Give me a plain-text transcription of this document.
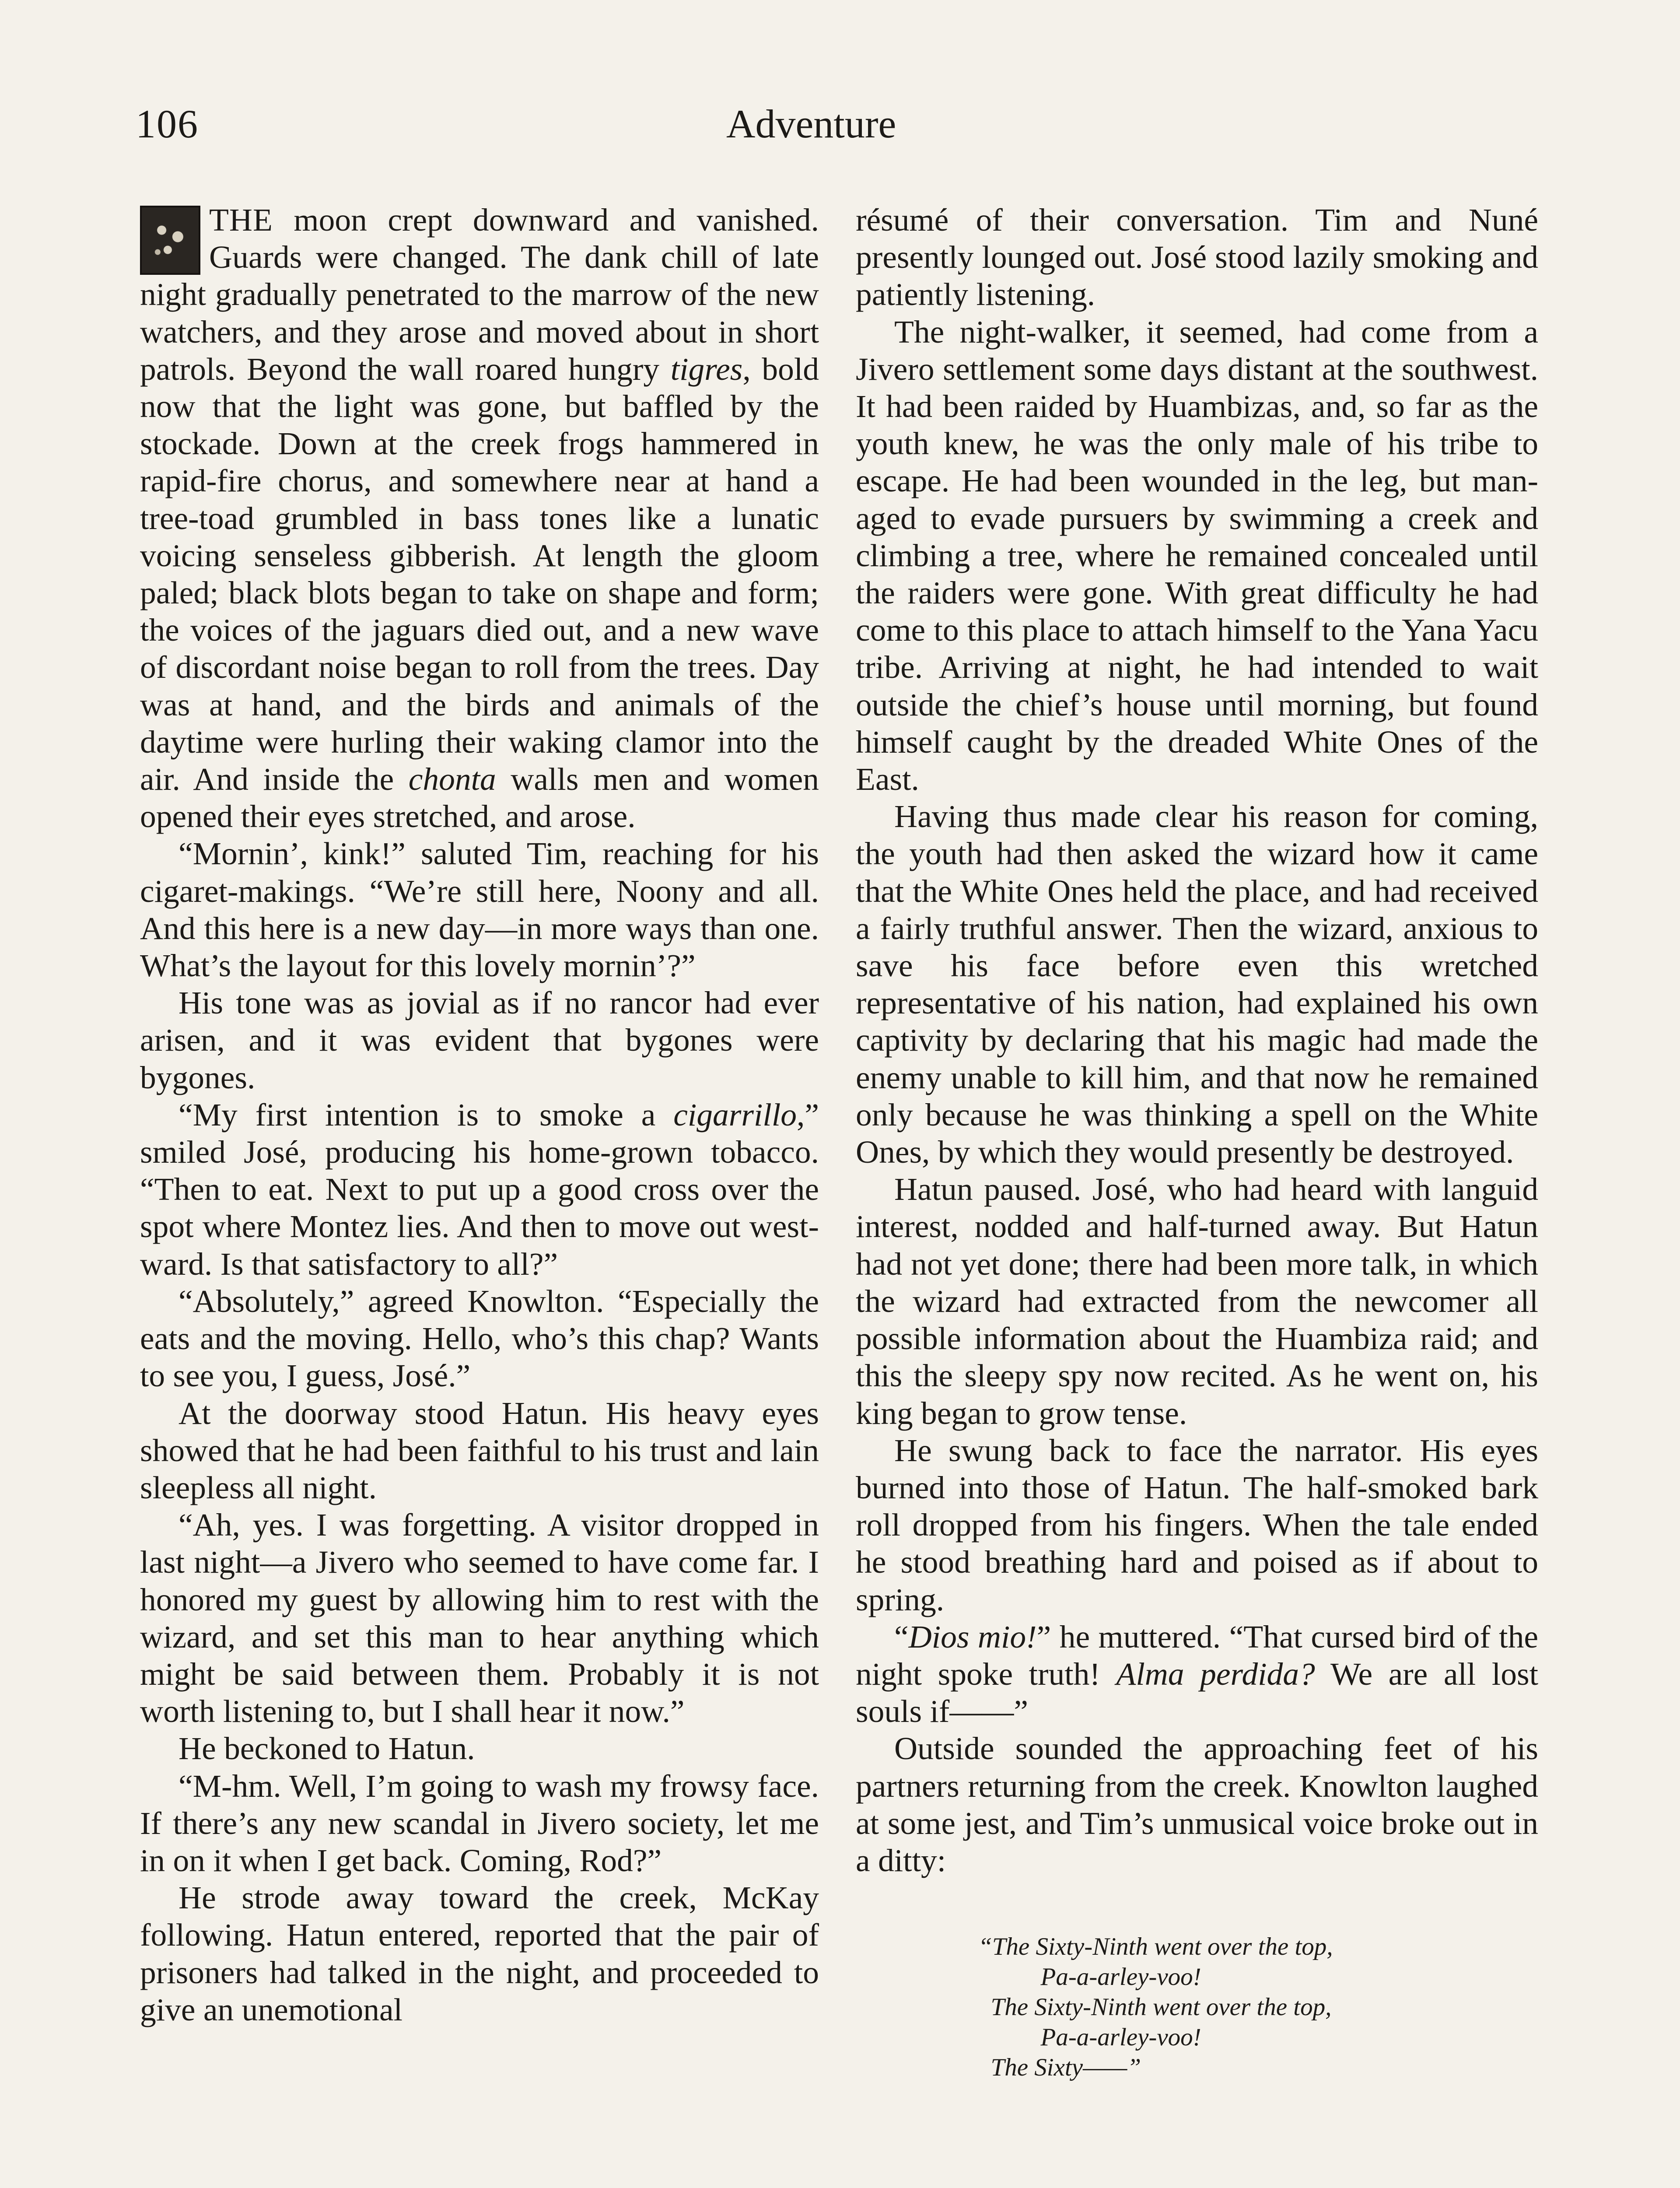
106	Adventure

THE moon crept downward and vanished. Guards were changed. The dank chill of late night gradually penetrated to the marrow of the new watchers, and they arose and moved about in short patrols. Beyond the wall roared hungry tigres, bold now that the light was gone, but baffled by the stockade. Down at the creek frogs hammered in rapid-fire chorus, and somewhere near at hand a tree-toad grumbled in bass tones like a lunatic voicing senseless gibberish. At length the gloom paled; black blots began to take on shape and form; the voices of the jaguars died out, and a new wave of discordant noise began to roll from the trees. Day was at hand, and the birds and animals of the daytime were hurling their waking clamor into the air. And inside the chonta walls men and women opened their eyes stretched, and arose.

“Mornin’, kink!” saluted Tim, reaching for his cigaret-makings. “We’re still here, Noony and all. And this here is a new day—in more ways than one. What’s the layout for this lovely mornin’?”

His tone was as jovial as if no rancor had ever arisen, and it was evident that bygones were bygones.

“My first intention is to smoke a cigarrillo,” smiled José, producing his home-grown tobacco. “Then to eat. Next to put up a good cross over the spot where Montez lies. And then to move out westward. Is that satisfactory to all?”

“Absolutely,” agreed Knowlton. “Especially the eats and the moving. Hello, who’s this chap? Wants to see you, I guess, José.”

At the doorway stood Hatun. His heavy eyes showed that he had been faithful to his trust and lain sleepless all night.

“Ah, yes. I was forgetting. A visitor dropped in last night—a Jivero who seemed to have come far. I honored my guest by allowing him to rest with the wizard, and set this man to hear anything which might be said between them. Probably it is not worth listening to, but I shall hear it now.”

He beckoned to Hatun.

“M-hm. Well, I’m going to wash my frowsy face. If there’s any new scandal in Jivero society, let me in on it when I get back. Coming, Rod?”

He strode away toward the creek, McKay following. Hatun entered, reported that the pair of prisoners had talked in the night, and proceeded to give an unemotional

résumé of their conversation. Tim and Nuné presently lounged out. José stood lazily smoking and patiently listening.

The night-walker, it seemed, had come from a Jivero settlement some days distant at the southwest. It had been raided by Huambizas, and, so far as the youth knew, he was the only male of his tribe to escape. He had been wounded in the leg, but managed to evade pursuers by swimming a creek and climbing a tree, where he remained concealed until the raiders were gone. With great difficulty he had come to this place to attach himself to the Yana Yacu tribe. Arriving at night, he had intended to wait outside the chief’s house until morning, but found himself caught by the dreaded White Ones of the East.

Having thus made clear his reason for coming, the youth had then asked the wizard how it came that the White Ones held the place, and had received a fairly truthful answer. Then the wizard, anxious to save his face before even this wretched representative of his nation, had explained his own captivity by declaring that his magic had made the enemy unable to kill him, and that now he remained only because he was thinking a spell on the White Ones, by which they would presently be destroyed.

Hatun paused. José, who had heard with languid interest, nodded and half-turned away. But Hatun had not yet done; there had been more talk, in which the wizard had extracted from the newcomer all possible information about the Huambiza raid; and this the sleepy spy now recited. As he went on, his king began to grow tense.

He swung back to face the narrator. His eyes burned into those of Hatun. The half-smoked bark roll dropped from his fingers. When the tale ended he stood breathing hard and poised as if about to spring.

“Dios mio!” he muttered. “That cursed bird of the night spoke truth! Alma perdida? We are all lost souls if——”

Outside sounded the approaching feet of his partners returning from the creek. Knowlton laughed at some jest, and Tim’s unmusical voice broke out in a ditty:

“The Sixty-Ninth went over the top,
Pa-a-arley-voo!
The Sixty-Ninth went over the top,
Pa-a-arley-voo!
The Sixty——”
